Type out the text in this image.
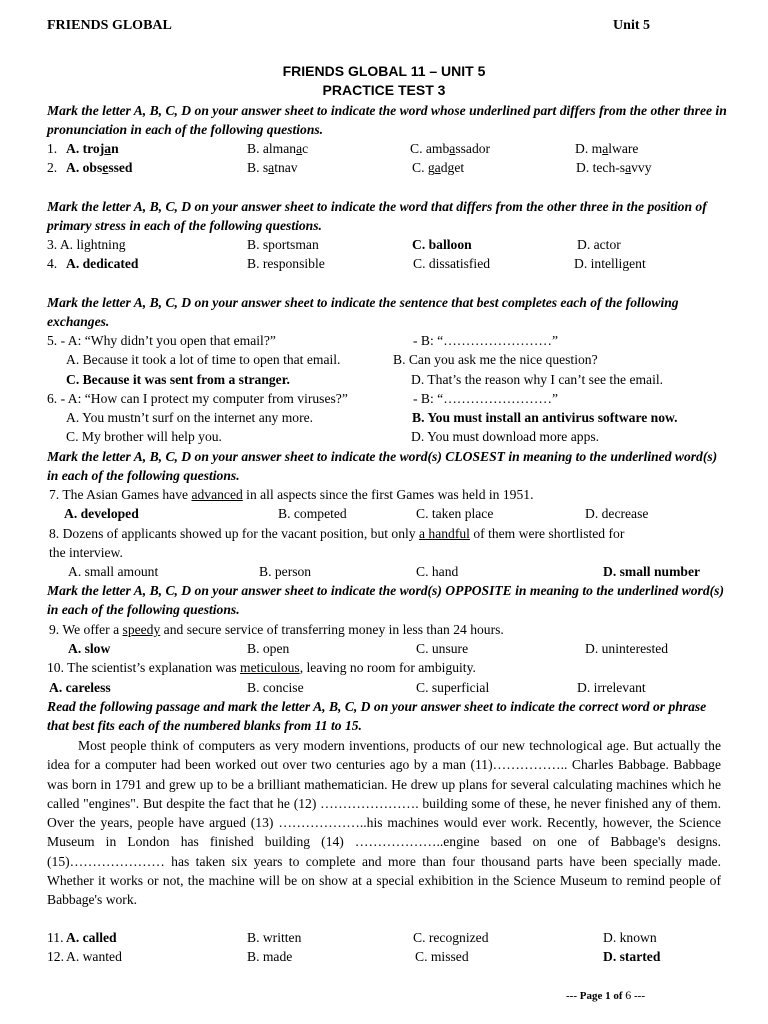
FRIENDS GLOBAL	Unit 5
FRIENDS GLOBAL 11 – UNIT 5
PRACTICE TEST 3
Mark the letter A, B, C, D on your answer sheet to indicate the word whose underlined part differs from the other three in pronunciation in each of the following questions.
1. A. trojan	B. almanac	C. ambassador	D. malware
2. A. obsessed	B. satnav	C. gadget	D. tech-savvy
Mark the letter A, B, C, D on your answer sheet to indicate the word that differs from the other three in the position of primary stress in each of the following questions.
3. A. lightning	B. sportsman	C. balloon	D. actor
4. A. dedicated	B. responsible	C. dissatisfied	D. intelligent
Mark the letter A, B, C, D on your answer sheet to indicate the sentence that best completes each of the following exchanges.
5. - A: “Why didn’t you open that email?”	- B: “……………………”
A. Because it took a lot of time to open that email.	B. Can you ask me the nice question?
C. Because it was sent from a stranger.	D. That’s the reason why I can’t see the email.
6. - A: “How can I protect my computer from viruses?”	- B: “……………………”
A. You mustn’t surf on the internet any more.	B. You must install an antivirus software now.
C. My brother will help you.	D. You must download more apps.
Mark the letter A, B, C, D on your answer sheet to indicate the word(s) CLOSEST in meaning to the underlined word(s) in each of the following questions.
7. The Asian Games have advanced in all aspects since the first Games was held in 1951.
A. developed	B. competed	C. taken place	D. decrease
8. Dozens of applicants showed up for the vacant position, but only a handful of them were shortlisted for
the interview.
A. small amount	B. person	C. hand	D. small number
Mark the letter A, B, C, D on your answer sheet to indicate the word(s) OPPOSITE in meaning to the underlined word(s) in each of the following questions.
9. We offer a speedy and secure service of transferring money in less than 24 hours.
A. slow	B. open	C. unsure	D. uninterested
10. The scientist’s explanation was meticulous, leaving no room for ambiguity.
A. careless	B. concise	C. superficial	D. irrelevant
Read the following passage and mark the letter A, B, C, D on your answer sheet to indicate the correct word or phrase that best fits each of the numbered blanks from 11 to 15.
Most people think of computers as very modern inventions, products of our new technological age. But actually the idea for a computer had been worked out over two centuries ago by a man (11)…………….. Charles Babbage. Babbage was born in 1791 and grew up to be a brilliant mathematician. He drew up plans for several calculating machines which he called "engines". But despite the fact that he (12) …………………. building some of these, he never finished any of them. Over the years, people have argued (13) ………………..his machines would ever work. Recently, however, the Science Museum in London has finished building (14) ………………..engine based on one of Babbage's designs. (15)………………… has taken six years to complete and more than four thousand parts have been specially made. Whether it works or not, the machine will be on show at a special exhibition in the Science Museum to remind people of Babbage's work.
11. A. called	B. written	C. recognized	D. known
12. A. wanted	B. made	C. missed	D. started
--- Page 1 of 6 ---
